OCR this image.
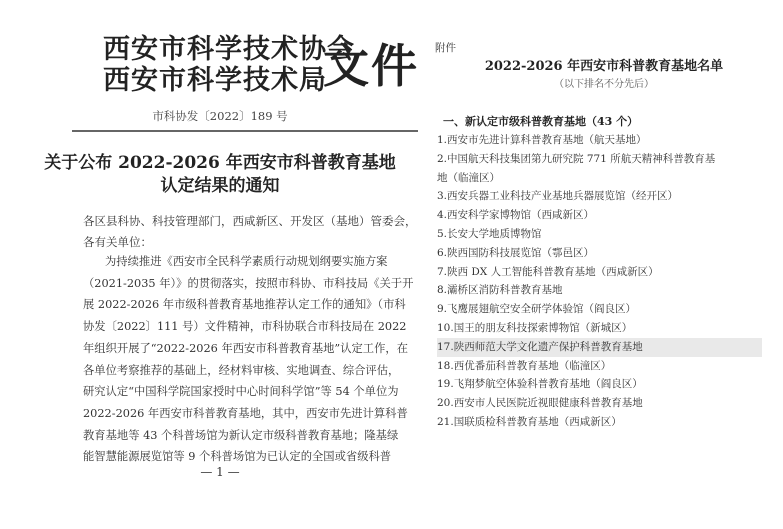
西安市科学技术协会
西安市科学技术局
文件
市科协发〔2022〕189 号
关于公布 2022-2026 年西安市科普教育基地
认定结果的通知
各区县科协、科技管理部门，西咸新区、开发区（基地）管委会，
各有关单位：
为持续推进《西安市全民科学素质行动规划纲要实施方案
（2021-2035 年）》的贯彻落实，按照市科协、市科技局《关于开
展 2022-2026 年市级科普教育基地推荐认定工作的通知》（市科
协发〔2022〕111 号）文件精神，市科协联合市科技局在 2022
年组织开展了“2022-2026 年西安市科普教育基地”认定工作，在
各单位考察推荐的基础上，经材料审核、实地调查、综合评估，
研究认定“中国科学院国家授时中心时间科学馆”等 54 个单位为
2022-2026 年西安市科普教育基地，其中，西安市先进计算科普
教育基地等 43 个科普场馆为新认定市级科普教育基地；隆基绿
能智慧能源展览馆等 9 个科普场馆为已认定的全国或省级科普
— 1 —
附件
2022-2026 年西安市科普教育基地名单
（以下排名不分先后）
一、新认定市级科普教育基地（43 个）
1.西安市先进计算科普教育基地（航天基地）
2.中国航天科技集团第九研究院 771 所航天精神科普教育基
地（临潼区）
3.西安兵器工业科技产业基地兵器展览馆（经开区）
4.西安科学家博物馆（西咸新区）
5.长安大学地质博物馆
6.陕西国防科技展览馆（鄠邑区）
7.陕西 DX 人工智能科普教育基地（西咸新区）
8.灞桥区消防科普教育基地
9.飞鹰展翅航空安全研学体验馆（阎良区）
10.国王的朋友科技探索博物馆（新城区）
17.陕西师范大学文化遗产保护科普教育基地
18.西优番茄科普教育基地（临潼区）
19.飞翔梦航空体验科普教育基地（阎良区）
20.西安市人民医院近视眼健康科普教育基地
21.国联质检科普教育基地（西咸新区）
